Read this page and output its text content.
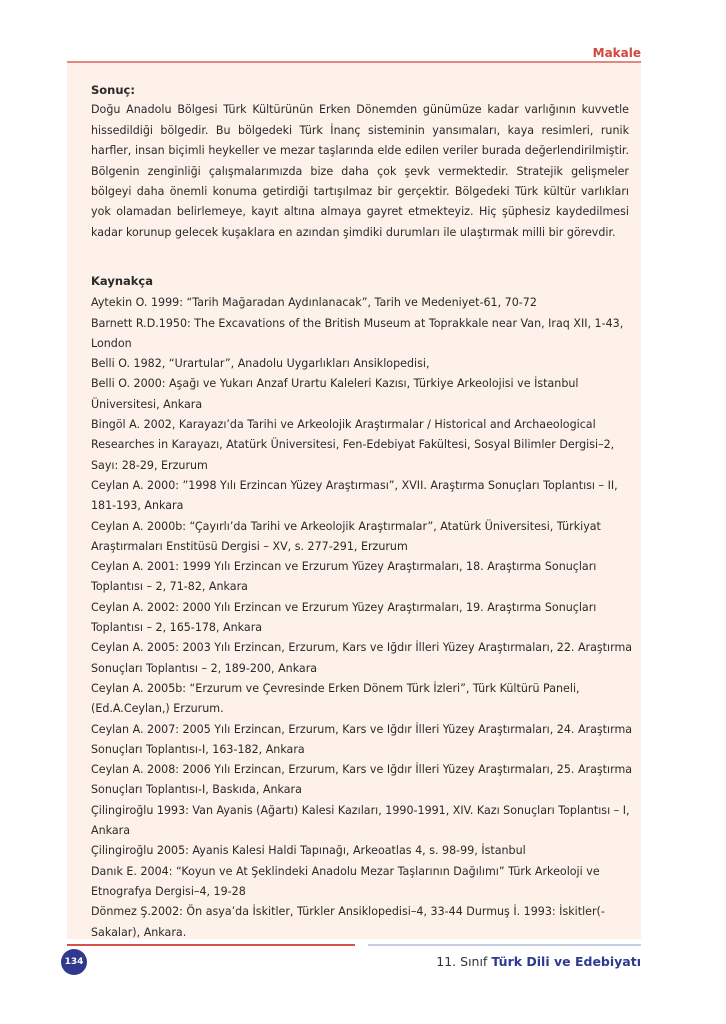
Makale
Sonuç:
Doğu Anadolu Bölgesi Türk Kültürünün Erken Dönemden günümüze kadar varlığının kuvvetle hissedildiği bölgedir. Bu bölgedeki Türk İnanç sisteminin yansımaları, kaya resimleri, runik harfler, insan biçimli heykeller ve mezar taşlarında elde edilen veriler burada değerlendirilmiştir. Bölgenin zenginliği çalışmalarımızda bize daha çok şevk vermektedir. Stratejik gelişmeler bölgeyi daha önemli konuma getirdiği tartışılmaz bir gerçektir. Bölgedeki Türk kültür varlıkları yok olamadan belirlemeye, kayıt altına almaya gayret etmekteyiz. Hiç şüphesiz kaydedilmesi kadar korunup gelecek kuşaklara en azından şimdiki durumları ile ulaştırmak milli bir görevdir.
Kaynakça

Aytekin O. 1999: “Tarih Mağaradan Aydınlanacak”, Tarih ve Medeniyet-61, 70-72

Barnett R.D.1950: The Excavations of the British Museum at Toprakkale near Van, Iraq XII, 1-43, London

Belli O. 1982, “Urartular”, Anadolu Uygarlıkları Ansiklopedisi,

Belli O. 2000: Aşağı ve Yukarı Anzaf Urartu Kaleleri Kazısı, Türkiye Arkeolojisi ve İstanbul Üniversitesi, Ankara

Bingöl A. 2002, Karayazı’da Tarihi ve Arkeolojik Araştırmalar / Historical and Archaeological Researches in Karayazı, Atatürk Üniversitesi, Fen-Edebiyat Fakültesi, Sosyal Bilimler Dergisi–2, Sayı: 28-29, Erzurum

Ceylan A. 2000: ”1998 Yılı Erzincan Yüzey Araştırması”, XVII. Araştırma Sonuçları Toplantısı – II, 181-193, Ankara

Ceylan A. 2000b: “Çayırlı’da Tarihi ve Arkeolojik Araştırmalar”, Atatürk Üniversitesi, Türkiyat Araştırmaları Enstitüsü Dergisi – XV, s. 277-291, Erzurum

Ceylan A. 2001: 1999 Yılı Erzincan ve Erzurum Yüzey Araştırmaları, 18. Araştırma Sonuçları Toplantısı – 2, 71-82, Ankara

Ceylan A. 2002: 2000 Yılı Erzincan ve Erzurum Yüzey Araştırmaları, 19. Araştırma Sonuçları Toplantısı – 2, 165-178, Ankara

Ceylan A. 2005: 2003 Yılı Erzincan, Erzurum, Kars ve Iğdır İlleri Yüzey Araştırmaları, 22. Araştırma Sonuçları Toplantısı – 2, 189-200, Ankara

Ceylan A. 2005b: “Erzurum ve Çevresinde Erken Dönem Türk İzleri”, Türk Kültürü Paneli, (Ed.A.Ceylan,) Erzurum.

Ceylan A. 2007: 2005 Yılı Erzincan, Erzurum, Kars ve Iğdır İlleri Yüzey Araştırmaları, 24. Araştırma Sonuçları Toplantısı-I, 163-182, Ankara

Ceylan A. 2008: 2006 Yılı Erzincan, Erzurum, Kars ve Iğdır İlleri Yüzey Araştırmaları, 25. Araştırma Sonuçları Toplantısı-I, Baskıda, Ankara

Çilingiroğlu 1993: Van Ayanis (Ağartı) Kalesi Kazıları, 1990-1991, XIV. Kazı Sonuçları Toplantısı – I, Ankara

Çilingiroğlu 2005: Ayanis Kalesi Haldi Tapınağı, Arkeoatlas 4, s. 98-99, İstanbul

Danık E. 2004: “Koyun ve At Şeklindeki Anadolu Mezar Taşlarının Dağılımı” Türk Arkeoloji ve Etnografya Dergisi–4, 19-28

Dönmez Ş.2002: Ön asya’da İskitler, Türkler Ansiklopedisi–4, 33-44 Durmuş İ. 1993: İskitler(-Sakalar), Ankara.

134	11. Sınıf Türk Dili ve Edebiyatı
